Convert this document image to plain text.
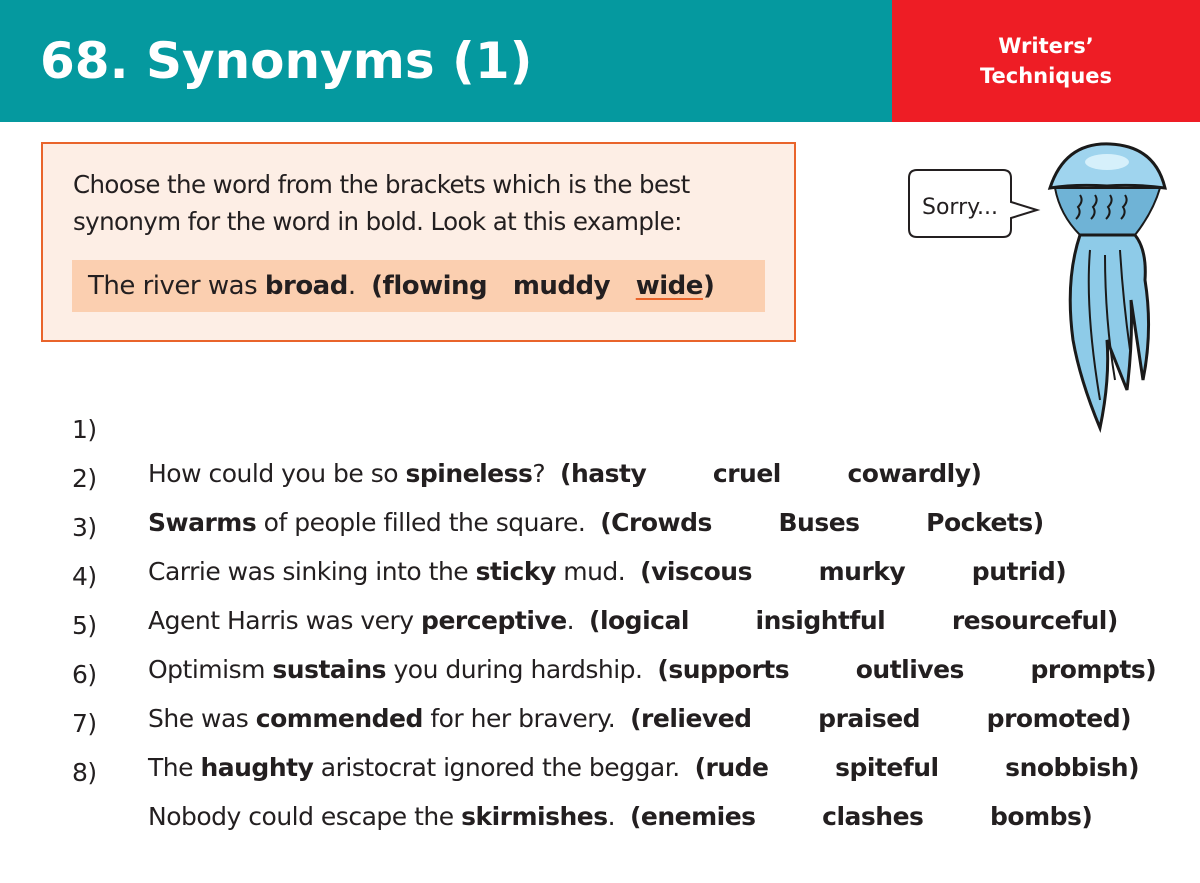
68. Synonyms (1)	Writers’
Techniques
Choose the word from the brackets which is the best
synonym for the word in bold. Look at this example:
The river was broad.  (flowing   muddy   wide)
Sorry...

1)

How could you be so spineless?  (hasty   cruel   cowardly)

2)

Swarms of people filled the square.  (Crowds   Buses   Pockets)

3)

Carrie was sinking into the sticky mud.  (viscous   murky   putrid)

4)

Agent Harris was very perceptive.  (logical   insightful   resourceful)

5)

Optimism sustains you during hardship.  (supports   outlives   prompts)

6)

She was commended for her bravery.  (relieved   praised   promoted)

7)

The haughty aristocrat ignored the beggar.  (rude   spiteful   snobbish)

8)

Nobody could escape the skirmishes.  (enemies   clashes   bombs)
